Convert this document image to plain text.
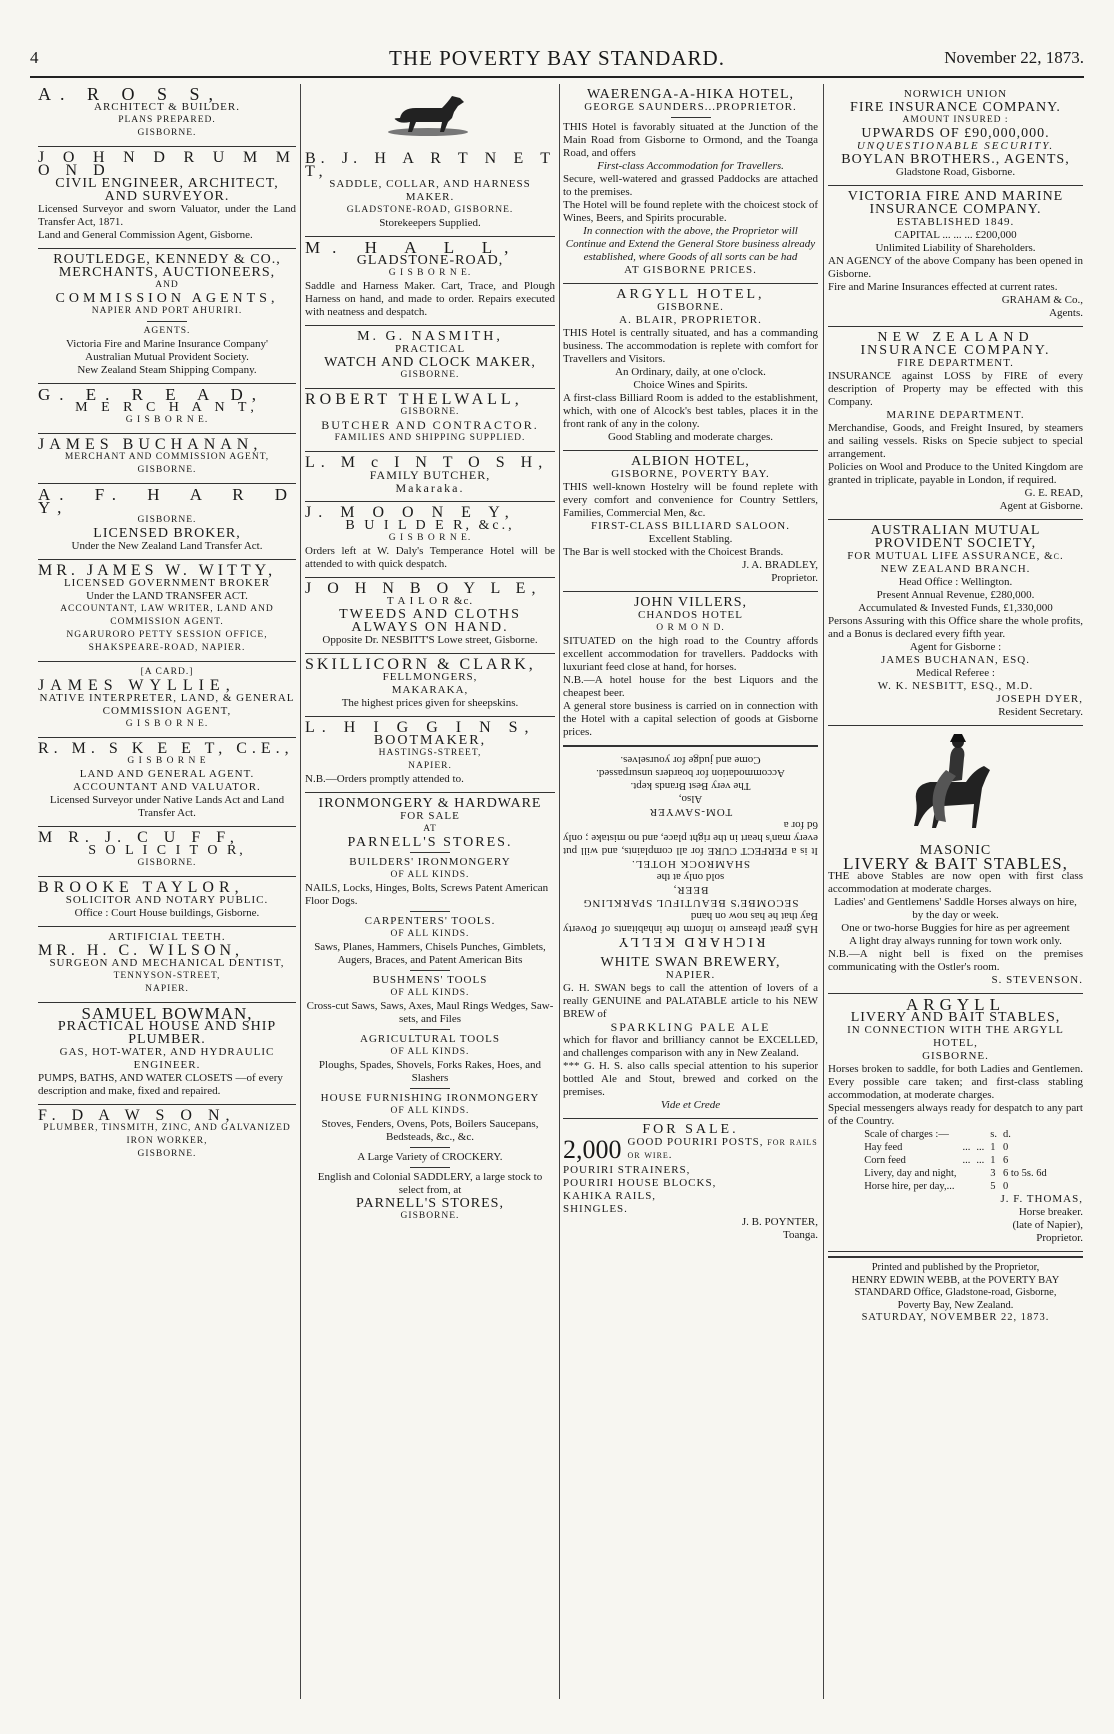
4	THE POVERTY BAY STANDARD.	November 22, 1873.
A. R O S S,
ARCHITECT & BUILDER.
PLANS PREPARED.
GISBORNE.
J O H N D R U M M O N D
CIVIL ENGINEER, ARCHITECT, AND SURVEYOR.
Licensed Surveyor and sworn Valuator, under the Land Transfer Act, 1871.
Land and General Commission Agent, Gisborne.
ROUTLEDGE, KENNEDY & CO.,
MERCHANTS, AUCTIONEERS,
AND
COMMISSION AGENTS,
NAPIER AND PORT AHURIRI.
AGENTS.
Victoria Fire and Marine Insurance Company'
Australian Mutual Provident Society.
New Zealand Steam Shipping Company.
G. E. R E A D,
M E R C H A N T,
G I S B O R N E.
JAMES BUCHANAN,
MERCHANT AND COMMISSION AGENT,
GISBORNE.
A. F. H A R D Y,
GISBORNE.
LICENSED BROKER,
Under the New Zealand Land Transfer Act.
MR. JAMES W. WITTY,
LICENSED GOVERNMENT BROKER
Under the LAND TRANSFER ACT.
ACCOUNTANT, LAW WRITER, LAND AND COMMISSION AGENT.
NGARURORO PETTY SESSION OFFICE,
SHAKSPEARE-ROAD, NAPIER.
[A CARD.]
JAMES WYLLIE,
NATIVE INTERPRETER, LAND, & GENERAL COMMISSION AGENT,
G I S B O R N E.
R. M. S K E E T, C.E.,
G I S B O R N E
LAND AND GENERAL AGENT.
ACCOUNTANT AND VALUATOR.
Licensed Surveyor under Native Lands Act and Land Transfer Act.
M R. J. C U F F,
S O L I C I T O R,
GISBORNE.
BROOKE TAYLOR,
SOLICITOR AND NOTARY PUBLIC.
Office : Court House buildings, Gisborne.
ARTIFICIAL TEETH.
MR. H. C. WILSON,
SURGEON AND MECHANICAL DENTIST,
TENNYSON-STREET,
NAPIER.
SAMUEL BOWMAN,
PRACTICAL HOUSE AND SHIP PLUMBER.
GAS, HOT-WATER, AND HYDRAULIC ENGINEER.
PUMPS, BATHS, AND WATER CLOSETS —of every description and make, fixed and repaired.
F. D A W S O N,
PLUMBER, TINSMITH, ZINC, AND GALVANIZED IRON WORKER,
GISBORNE.
B. J. H A R T N E T T,
SADDLE, COLLAR, AND HARNESS MAKER.
GLADSTONE-ROAD, GISBORNE.
Storekeepers Supplied.
M. H A L L,
GLADSTONE-ROAD,
G I S B O R N E.
Saddle and Harness Maker. Cart, Trace, and Plough Harness on hand, and made to order. Repairs executed with neatness and despatch.
M. G. NASMITH,
PRACTICAL
WATCH AND CLOCK MAKER,
GISBORNE.
ROBERT THELWALL,
GISBORNE.
BUTCHER AND CONTRACTOR.
FAMILIES AND SHIPPING SUPPLIED.
L. M c I N T O S H,
FAMILY BUTCHER,
Makaraka.
J. M O O N E Y,
B U I L D E R, &c.,
G I S B O R N E.
Orders left at W. Daly's Temperance Hotel will be attended to with quick despatch.
J O H N B O Y L E,
T A I L O R &c.
TWEEDS AND CLOTHS ALWAYS ON HAND.
Opposite Dr. NESBITT'S Lowe street, Gisborne.
SKILLICORN & CLARK,
FELLMONGERS,
MAKARAKA,
The highest prices given for sheepskins.
L. H I G G I N S,
BOOTMAKER,
HASTINGS-STREET,
NAPIER.
N.B.—Orders promptly attended to.
IRONMONGERY & HARDWARE
FOR SALE
AT
PARNELL'S STORES.
BUILDERS' IRONMONGERY
OF ALL KINDS.
NAILS, Locks, Hinges, Bolts, Screws Patent American Floor Dogs.
CARPENTERS' TOOLS.
OF ALL KINDS.
Saws, Planes, Hammers, Chisels Punches, Gimblets, Augers, Braces, and Patent American Bits
BUSHMENS' TOOLS
OF ALL KINDS.
Cross-cut Saws, Saws, Axes, Maul Rings Wedges, Saw-sets, and Files
AGRICULTURAL TOOLS
OF ALL KINDS.
Ploughs, Spades, Shovels, Forks Rakes, Hoes, and Slashers
HOUSE FURNISHING IRONMONGERY
OF ALL KINDS.
Stoves, Fenders, Ovens, Pots, Boilers Saucepans, Bedsteads, &c., &c.
A Large Variety of CROCKERY.
English and Colonial SADDLERY, a large stock to select from, at
PARNELL'S STORES,
GISBORNE.
WAERENGA-A-HIKA HOTEL,
GEORGE SAUNDERS...PROPRIETOR.
THIS Hotel is favorably situated at the Junction of the Main Road from Gisborne to Ormond, and the Toanga Road, and offers
First-class Accommodation for Travellers.
Secure, well-watered and grassed Paddocks are attached to the premises.
The Hotel will be found replete with the choicest stock of Wines, Beers, and Spirits procurable.
In connection with the above, the Proprietor will Continue and Extend the General Store business already established, where Goods of all sorts can be had
AT GISBORNE PRICES.
ARGYLL HOTEL,
GISBORNE.
A. BLAIR, PROPRIETOR.
THIS Hotel is centrally situated, and has a commanding business. The accommodation is replete with comfort for Travellers and Visitors.
An Ordinary, daily, at one o'clock.
Choice Wines and Spirits.
A first-class Billiard Room is added to the establishment, which, with one of Alcock's best tables, places it in the front rank of any in the colony.
Good Stabling and moderate charges.
ALBION HOTEL,
GISBORNE, POVERTY BAY.
THIS well-known Hostelry will be found replete with every comfort and convenience for Country Settlers, Families, Commercial Men, &c.
FIRST-CLASS BILLIARD SALOON.
Excellent Stabling.
The Bar is well stocked with the Choicest Brands.
J. A. BRADLEY,
Proprietor.
JOHN VILLERS,
CHANDOS HOTEL
O R M O N D.
SITUATED on the high road to the Country affords excellent accommodation for travellers. Paddocks with luxuriant feed close at hand, for horses.
N.B.—A hotel house for the best Liquors and the cheapest beer.
A general store business is carried on in connection with the Hotel with a capital selection of goods at Gisborne prices.
RICHARD KELLY
HAS great pleasure to inform the inhabitants of Poverty Bay that he has now on hand
SECOMBE'S BEAUTIFUL SPARKLING BEER,
sold only at the
SHAMROCK HOTEL.
It is a PERFECT CURE for all complaints, and will put every man's heart in the right place, and no mistake ; only 6d for a
TOM-SAWYER
Also,
The very Best Brands kept.
Accommodation for boarders unsurpassed.
Come and judge for yourselves.
WHITE SWAN BREWERY,
NAPIER.
G. H. SWAN begs to call the attention of lovers of a really GENUINE and PALATABLE article to his NEW BREW of
SPARKLING PALE ALE
which for flavor and brilliancy cannot be EXCELLED, and challenges comparison with any in New Zealand.
*** G. H. S. also calls special attention to his superior bottled Ale and Stout, brewed and corked on the premises.
Vide et Crede
FOR SALE.
2,000 GOOD POURIRI POSTS, for rails or wire.
POURIRI STRAINERS,
POURIRI HOUSE BLOCKS,
KAHIKA RAILS,
SHINGLES.
J. B. POYNTER,
Toanga.
NORWICH UNION
FIRE INSURANCE COMPANY.
AMOUNT INSURED :
UPWARDS OF £90,000,000.
UNQUESTIONABLE SECURITY.
BOYLAN BROTHERS., AGENTS,
Gladstone Road, Gisborne.
VICTORIA FIRE AND MARINE INSURANCE COMPANY.
ESTABLISHED 1849.
CAPITAL ... ... ... £200,000
Unlimited Liability of Shareholders.
AN AGENCY of the above Company has been opened in Gisborne.
Fire and Marine Insurances effected at current rates.
GRAHAM & Co.,
Agents.
NEW ZEALAND
INSURANCE COMPANY.
FIRE DEPARTMENT.
INSURANCE against LOSS by FIRE of every description of Property may be effected with this Company.
MARINE DEPARTMENT.
Merchandise, Goods, and Freight Insured, by steamers and sailing vessels. Risks on Specie subject to special arrangement.
Policies on Wool and Produce to the United Kingdom are granted in triplicate, payable in London, if required.
G. E. READ,
Agent at Gisborne.
AUSTRALIAN MUTUAL PROVIDENT SOCIETY,
FOR MUTUAL LIFE ASSURANCE, &c.
NEW ZEALAND BRANCH.
Head Office : Wellington.
Present Annual Revenue, £280,000.
Accumulated & Invested Funds, £1,330,000
Persons Assuring with this Office share the whole profits, and a Bonus is declared every fifth year.
Agent for Gisborne :
JAMES BUCHANAN, ESQ.
Medical Referee :
W. K. NESBITT, ESQ., M.D.
JOSEPH DYER,
Resident Secretary.
MASONIC
LIVERY & BAIT STABLES,
THE above Stables are now open with first class accommodation at moderate charges.
Ladies' and Gentlemens' Saddle Horses always on hire, by the day or week.
One or two-horse Buggies for hire as per agreement
A light dray always running for town work only.
N.B.—A night bell is fixed on the premises communicating with the Ostler's room.
S. STEVENSON.
ARGYLL
LIVERY AND BAIT STABLES,
IN CONNECTION WITH THE ARGYLL HOTEL,
GISBORNE.
Horses broken to saddle, for both Ladies and Gentlemen. Every possible care taken; and first-class stabling accommodation, at moderate charges.
Special messengers always ready for despatch to any part of the Country.
Scale of charges :—			s.	d.
Hay feed	...	...	1	0
Corn feed	...	...	1	6
Livery, day and night,			3	6 to 5s. 6d
Horse hire, per day,...			5	0
J. F. THOMAS,
Horse breaker.
(late of Napier),
Proprietor.
Printed and published by the Proprietor,
HENRY EDWIN WEBB, at the POVERTY BAY
STANDARD Office, Gladstone-road, Gisborne,
Poverty Bay, New Zealand.
SATURDAY, NOVEMBER 22, 1873.
